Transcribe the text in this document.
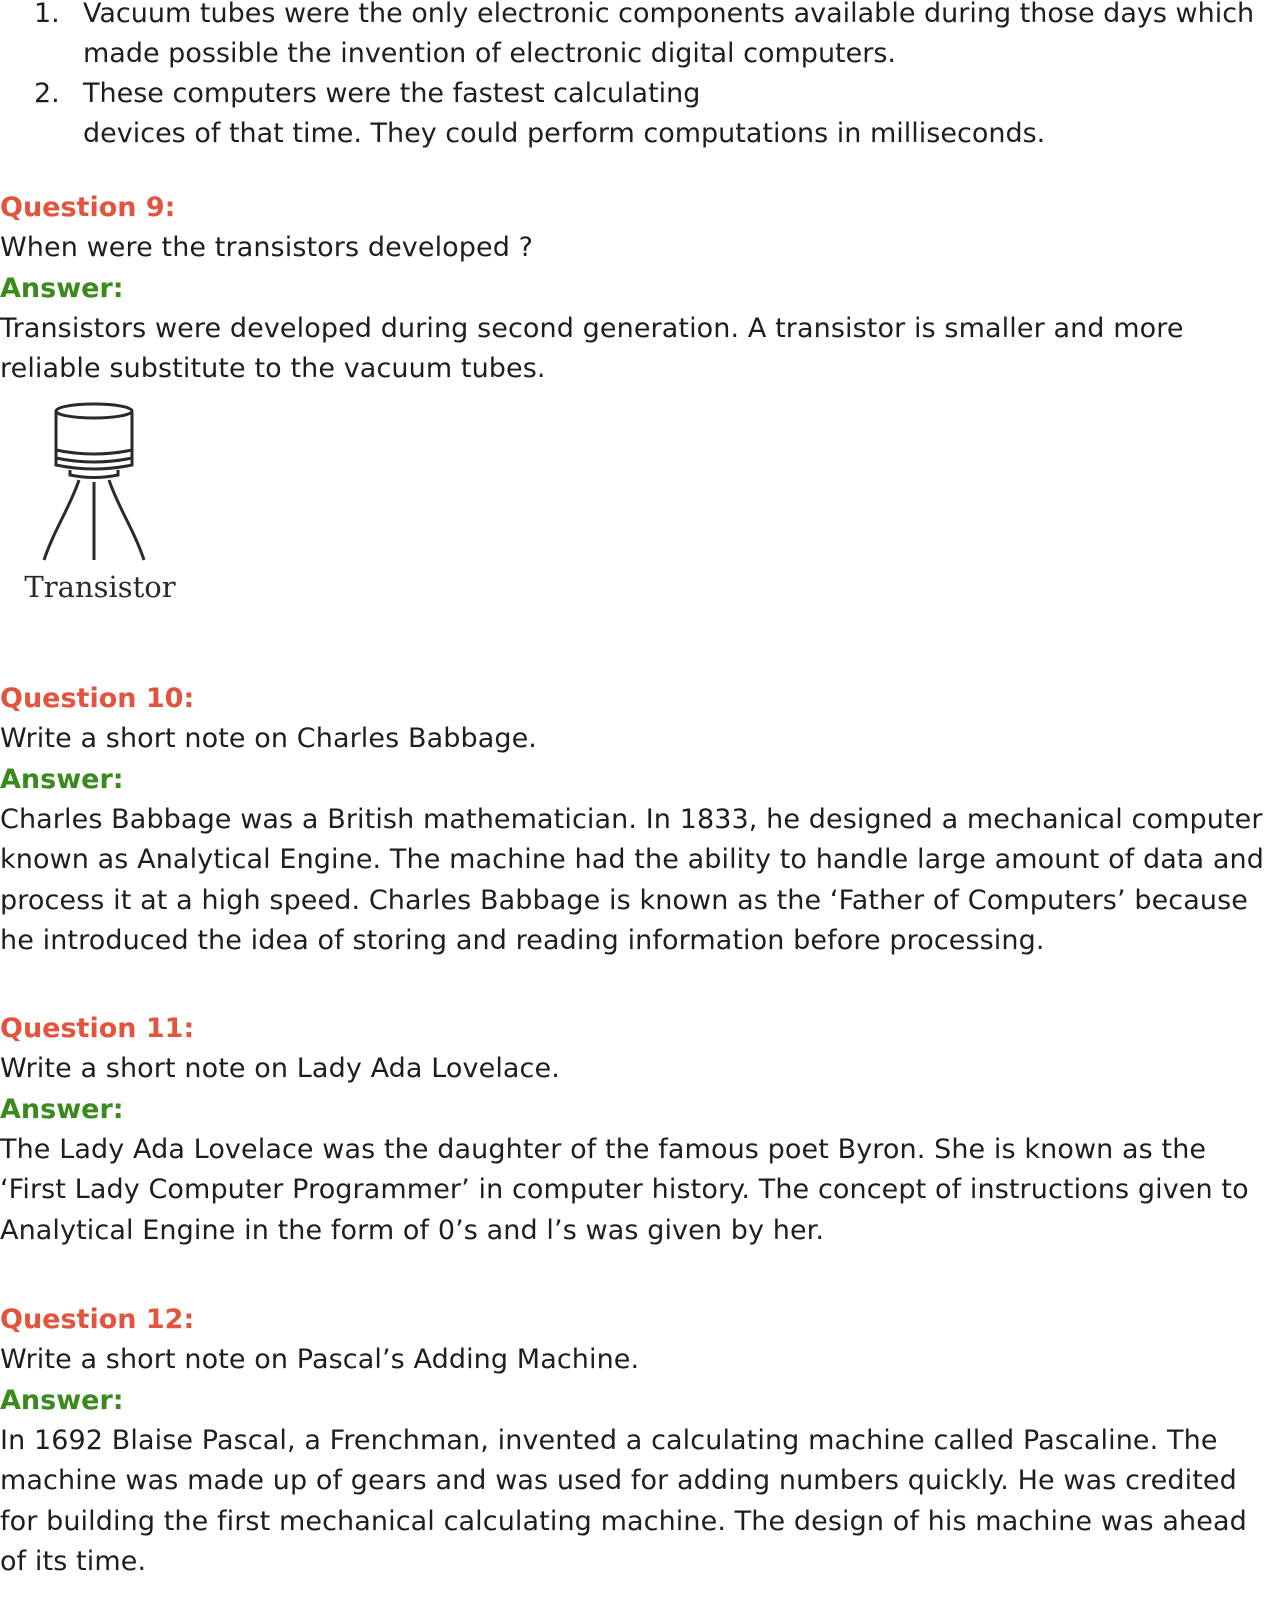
1. Vacuum tubes were the only electronic components available during those days which made possible the invention of electronic digital computers.
2. These computers were the fastest calculating
devices of that time. They could perform computations in milliseconds.

Question 9:

When were the transistors developed ?

Answer:

Transistors were developed during second generation. A transistor is smaller and more reliable substitute to the vacuum tubes.

Transistor

Question 10:

Write a short note on Charles Babbage.

Answer:

Charles Babbage was a British mathematician. In 1833, he designed a mechanical computer known as Analytical Engine. The machine had the ability to handle large amount of data and process it at a high speed. Charles Babbage is known as the ‘Father of Computers’ because he introduced the idea of storing and reading information before processing.

Question 11:

Write a short note on Lady Ada Lovelace.

Answer:

The Lady Ada Lovelace was the daughter of the famous poet Byron. She is known as the ‘First Lady Computer Programmer’ in computer history. The concept of instructions given to Analytical Engine in the form of 0’s and l’s was given by her.

Question 12:

Write a short note on Pascal’s Adding Machine.

Answer:

In 1692 Blaise Pascal, a Frenchman, invented a calculating machine called Pascaline. The machine was made up of gears and was used for adding numbers quickly. He was credited for building the first mechanical calculating machine. The design of his machine was ahead of its time.
